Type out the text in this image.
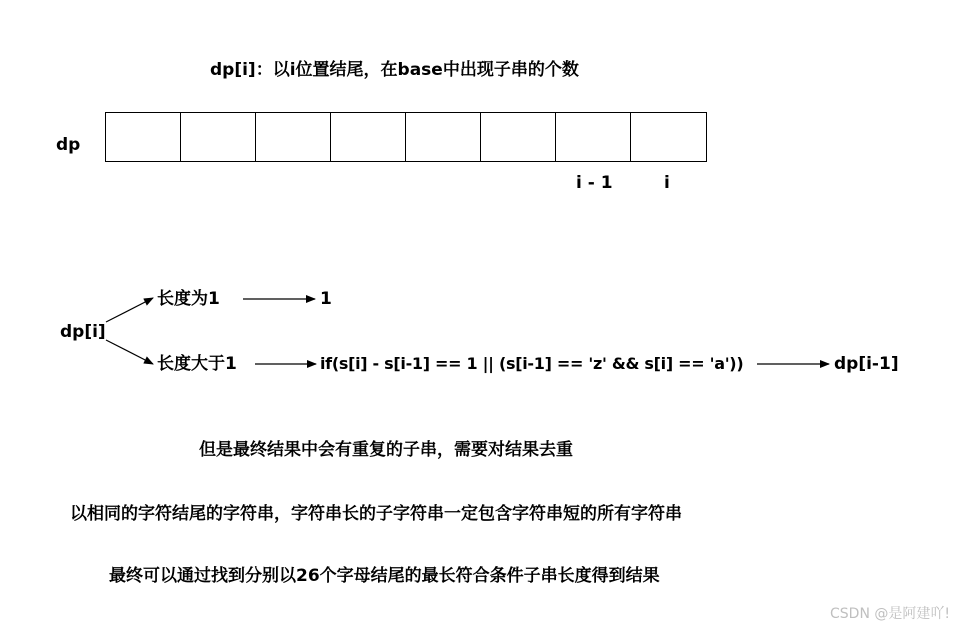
dp[i]：以i位置结尾，在base中出现子串的个数
dp
i - 1	i
dp[i]
长度为1	1
长度大于1	if(s[i] - s[i-1] == 1 || (s[i-1] == 'z' && s[i] == 'a'))	dp[i-1]
但是最终结果中会有重复的子串，需要对结果去重
以相同的字符结尾的字符串，字符串长的子字符串一定包含字符串短的所有字符串
最终可以通过找到分别以26个字母结尾的最长符合条件子串长度得到结果
CSDN @是阿建吖!
